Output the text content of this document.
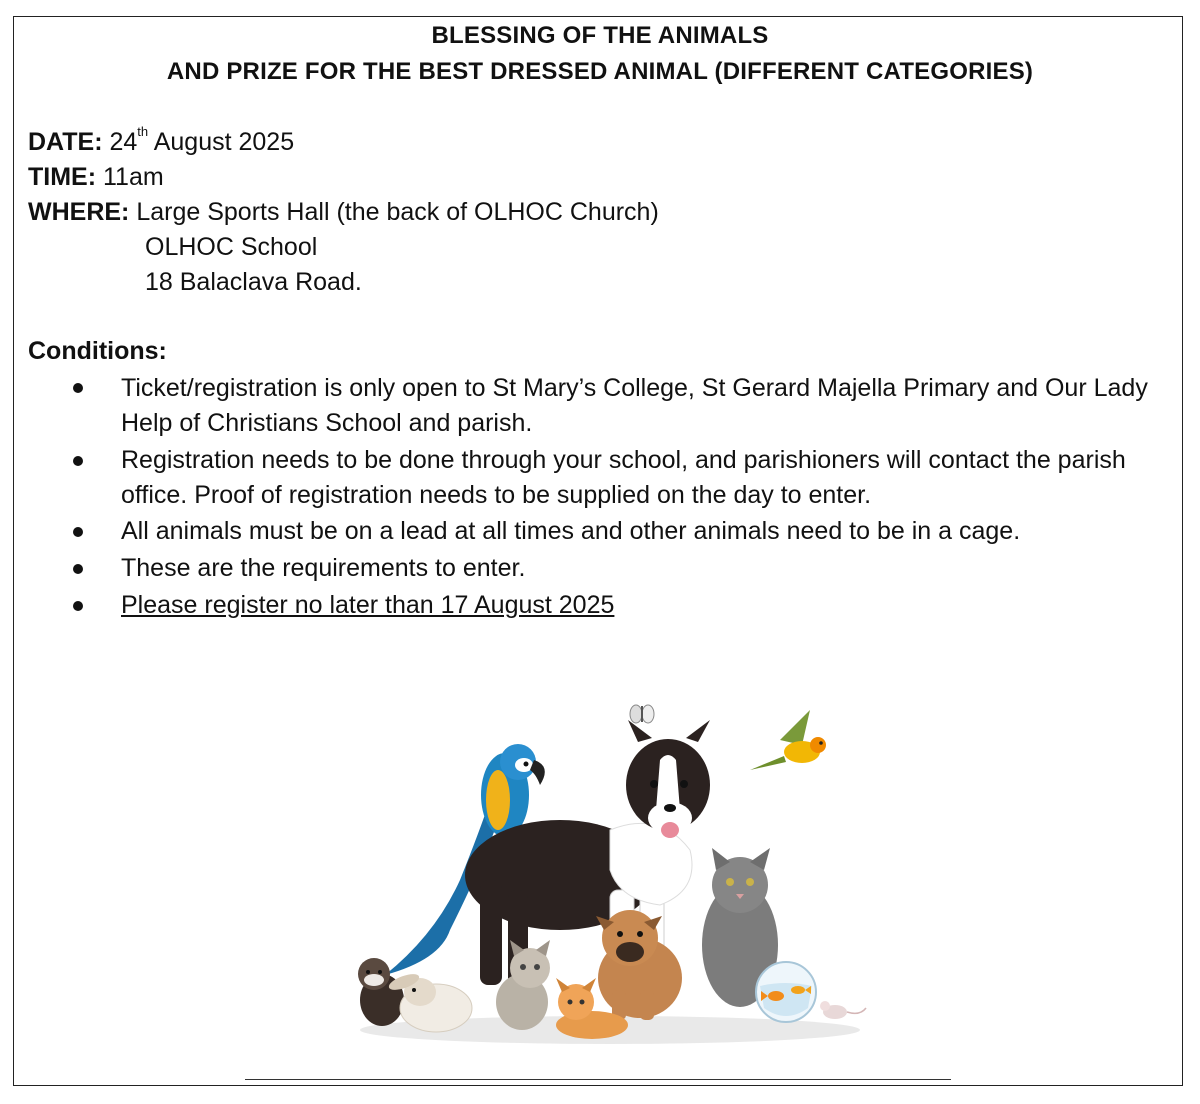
BLESSING OF THE ANIMALS
AND PRIZE FOR THE BEST DRESSED ANIMAL (DIFFERENT CATEGORIES)
DATE: 24th August 2025
TIME: 11am
WHERE: Large Sports Hall (the back of OLHOC Church)
OLHOC School
18 Balaclava Road.
Conditions:
Ticket/registration is only open to St Mary’s College, St Gerard Majella Primary and Our Lady Help of Christians School and parish.
Registration needs to be done through your school, and parishioners will contact the parish office. Proof of registration needs to be supplied on the day to enter.
All animals must be on a lead at all times and other animals need to be in a cage.
These are the requirements to enter.
Please register no later than 17 August 2025
